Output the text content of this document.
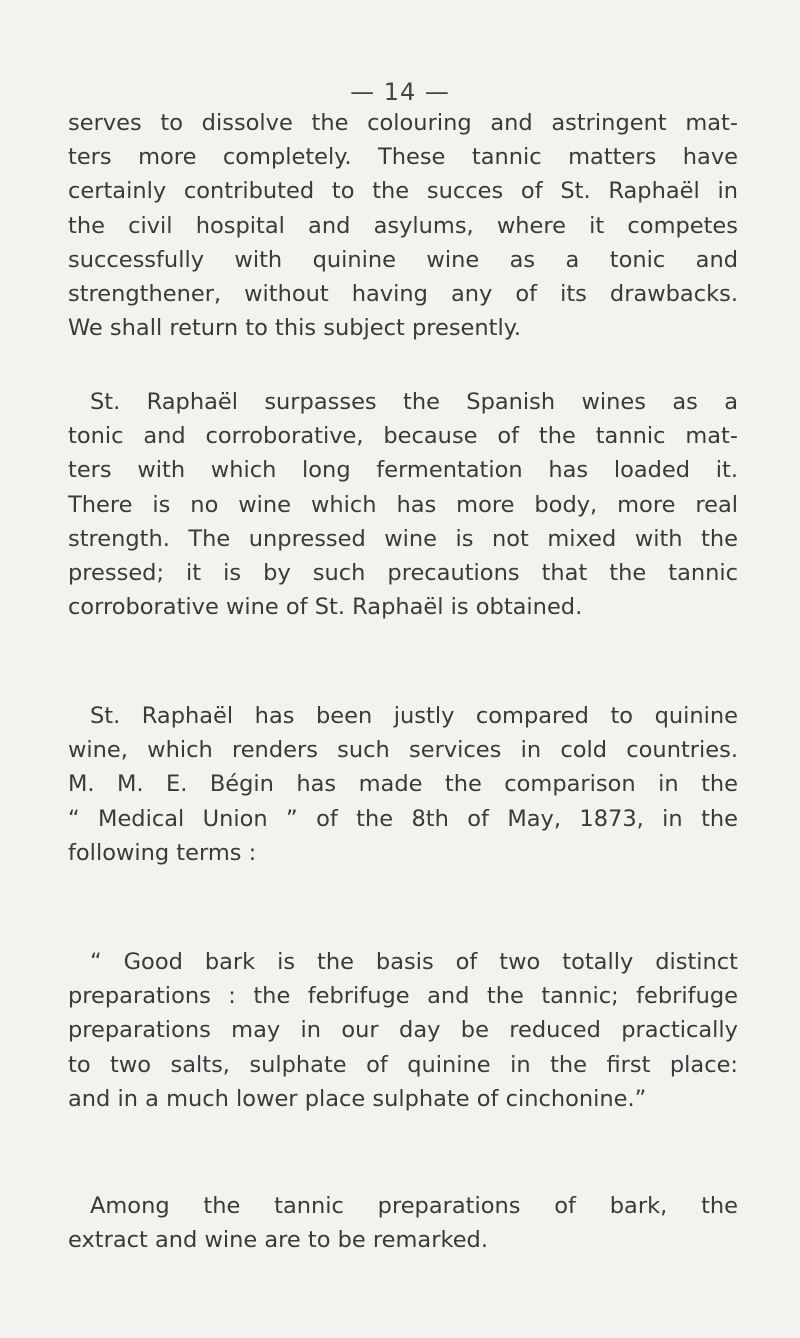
— 14 —
serves to dissolve the colouring and astringent mat-
ters more completely. These tannic matters have
certainly contributed to the succes of St. Raphaël in
the civil hospital and asylums, where it competes
successfully with quinine wine as a tonic and
strengthener, without having any of its drawbacks.
We shall return to this subject presently.
St. Raphaël surpasses the Spanish wines as a
tonic and corroborative, because of the tannic mat-
ters with which long fermentation has loaded it.
There is no wine which has more body, more real
strength. The unpressed wine is not mixed with the
pressed; it is by such precautions that the tannic
corroborative wine of St. Raphaël is obtained.
St. Raphaël has been justly compared to quinine
wine, which renders such services in cold countries.
M. M. E. Bégin has made the comparison in the
“ Medical Union ” of the 8th of May, 1873, in the
following terms :
“ Good bark is the basis of two totally distinct
preparations : the febrifuge and the tannic; febrifuge
preparations may in our day be reduced practically
to two salts, sulphate of quinine in the first place:
and in a much lower place sulphate of cinchonine.”
Among the tannic preparations of bark, the
extract and wine are to be remarked.
